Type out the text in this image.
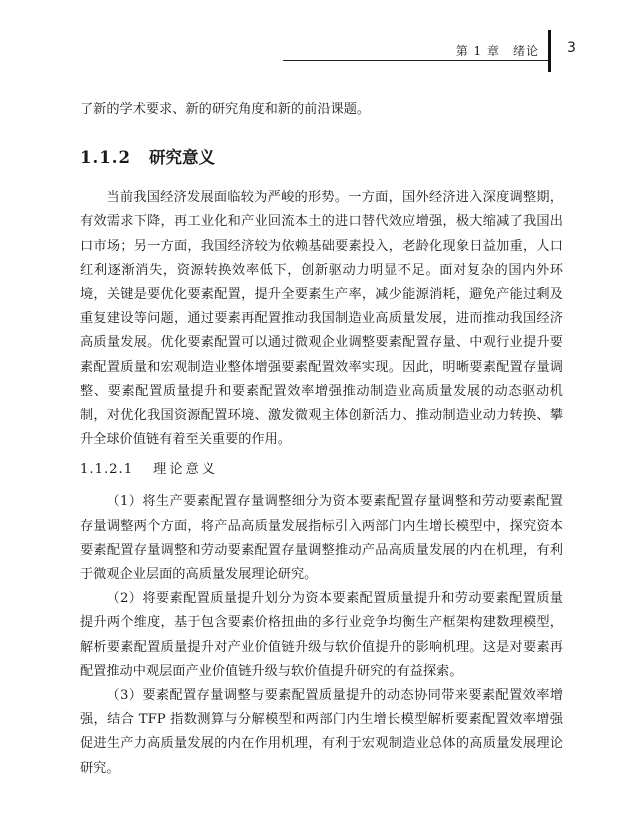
第 1 章　绪论 3

了新的学术要求、新的研究角度和新的前沿课题。

1.1.2 研究意义

当前我国经济发展面临较为严峻的形势。一方面，国外经济进入深度调整期，有效需求下降，再工业化和产业回流本土的进口替代效应增强，极大缩减了我国出口市场；另一方面，我国经济较为依赖基础要素投入，老龄化现象日益加重，人口红利逐渐消失，资源转换效率低下，创新驱动力明显不足。面对复杂的国内外环境，关键是要优化要素配置，提升全要素生产率，减少能源消耗，避免产能过剩及重复建设等问题，通过要素再配置推动我国制造业高质量发展，进而推动我国经济高质量发展。优化要素配置可以通过微观企业调整要素配置存量、中观行业提升要素配置质量和宏观制造业整体增强要素配置效率实现。因此，明晰要素配置存量调整、要素配置质量提升和要素配置效率增强推动制造业高质量发展的动态驱动机制，对优化我国资源配置环境、激发微观主体创新活力、推动制造业动力转换、攀升全球价值链有着至关重要的作用。

1.1.2.1 理论意义

（1）将生产要素配置存量调整细分为资本要素配置存量调整和劳动要素配置存量调整两个方面，将产品高质量发展指标引入两部门内生增长模型中，探究资本要素配置存量调整和劳动要素配置存量调整推动产品高质量发展的内在机理，有利于微观企业层面的高质量发展理论研究。

（2）将要素配置质量提升划分为资本要素配置质量提升和劳动要素配置质量提升两个维度，基于包含要素价格扭曲的多行业竞争均衡生产框架构建数理模型，解析要素配置质量提升对产业价值链升级与软价值提升的影响机理。这是对要素再配置推动中观层面产业价值链升级与软价值提升研究的有益探索。

（3）要素配置存量调整与要素配置质量提升的动态协同带来要素配置效率增强，结合 TFP 指数测算与分解模型和两部门内生增长模型解析要素配置效率增强促进生产力高质量发展的内在作用机理，有利于宏观制造业总体的高质量发展理论研究。
